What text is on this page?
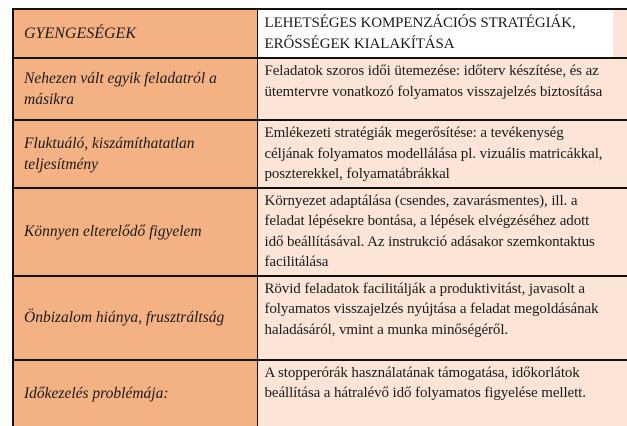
GYENGESÉGEK	LEHETSÉGES KOMPENZÁCIÓS STRATÉGIÁK, ERŐSSÉGEK KIALAKÍTÁSA	
Nehezen vált egyik feladatról a másikra	Feladatok szoros idői ütemezése: időterv készítése, és az ütemtervre vonatkozó folyamatos visszajelzés biztosítása	
Fluktuáló, kiszámíthatatlan teljesítmény	Emlékezeti stratégiák megerősítése: a tevékenység céljának folyamatos modellálása pl. vizuális matricákkal, poszterekkel, folyamatábrákkal	
Könnyen elterelődő figyelem	Környezet adaptálása (csendes, zavarásmentes), ill. a feladat lépésekre bontása, a lépések elvégzéséhez adott idő beállításával. Az instrukció adásakor szemkontaktus facilitálása	
Önbizalom hiánya, frusztráltság	Rövid feladatok facilitálják a produktivitást, javasolt a folyamatos visszajelzés nyújtása a feladat megoldásának haladásáról, vmint a munka minőségéről.	
Időkezelés problémája:	A stopperórák használatának támogatása, időkorlátok beállítása a hátralévő idő folyamatos figyelése mellett.	
